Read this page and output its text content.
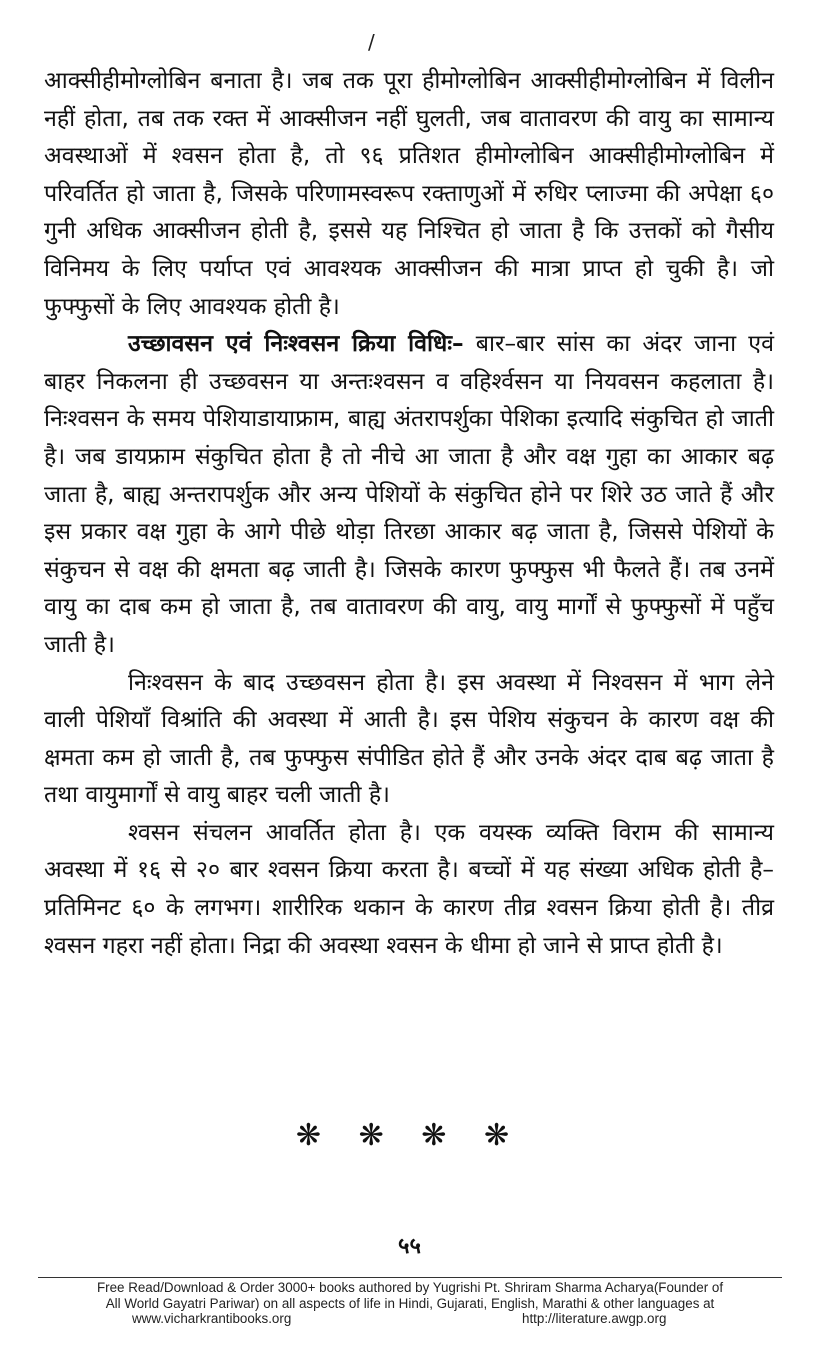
/

आक्सीहीमोग्लोबिन बनाता है। जब तक पूरा हीमोग्लोबिन आक्सीहीमोग्लोबिन में विलीन नहीं होता, तब तक रक्त में आक्सीजन नहीं घुलती, जब वातावरण की वायु का सामान्य अवस्थाओं में श्वसन होता है, तो ९६ प्रतिशत हीमोग्लोबिन आक्सीहीमोग्लोबिन में परिवर्तित हो जाता है, जिसके परिणामस्वरूप रक्ताणुओं में रुधिर प्लाज्मा की अपेक्षा ६० गुनी अधिक आक्सीजन होती है, इससे यह निश्चित हो जाता है कि उत्तकों को गैसीय विनिमय के लिए पर्याप्त एवं आवश्यक आक्सीजन की मात्रा प्राप्त हो चुकी है। जो फुफ्फुसों के लिए आवश्यक होती है।

उच्छावसन एवं निःश्वसन क्रिया विधिः– बार–बार सांस का अंदर जाना एवं बाहर निकलना ही उच्छवसन या अन्तःश्वसन व वहिर्श्वसन या नियवसन कहलाता है। निःश्वसन के समय पेशियाडायाफ्राम, बाह्य अंतरापर्शुका पेशिका इत्यादि संकुचित हो जाती है। जब डायफ्राम संकुचित होता है तो नीचे आ जाता है और वक्ष गुहा का आकार बढ़ जाता है, बाह्य अन्तरापर्शुक और अन्य पेशियों के संकुचित होने पर शिरे उठ जाते हैं और इस प्रकार वक्ष गुहा के आगे पीछे थोड़ा तिरछा आकार बढ़ जाता है, जिससे पेशियों के संकुचन से वक्ष की क्षमता बढ़ जाती है। जिसके कारण फुफ्फुस भी फैलते हैं। तब उनमें वायु का दाब कम हो जाता है, तब वातावरण की वायु, वायु मार्गों से फुफ्फुसों में पहुँच जाती है।

निःश्वसन के बाद उच्छवसन होता है। इस अवस्था में निश्वसन में भाग लेने वाली पेशियाँ विश्रांति की अवस्था में आती है। इस पेशिय संकुचन के कारण वक्ष की क्षमता कम हो जाती है, तब फुफ्फुस संपीडित होते हैं और उनके अंदर दाब बढ़ जाता है तथा वायुमार्गों से वायु बाहर चली जाती है।

श्वसन संचलन आवर्तित होता है। एक वयस्क व्यक्ति विराम की सामान्य अवस्था में १६ से २० बार श्वसन क्रिया करता है। बच्चों में यह संख्या अधिक होती है–प्रतिमिनट ६० के लगभग। शारीरिक थकान के कारण तीव्र श्वसन क्रिया होती है। तीव्र श्वसन गहरा नहीं होता। निद्रा की अवस्था श्वसन के धीमा हो जाने से प्राप्त होती है।

❋ ❋ ❋ ❋
५५
Free Read/Download & Order 3000+ books authored by Yugrishi Pt. Shriram Sharma Acharya(Founder of
All World Gayatri Pariwar) on all aspects of life in Hindi, Gujarati, English, Marathi & other languages at
www.vicharkrantibooks.org	http://literature.awgp.org
